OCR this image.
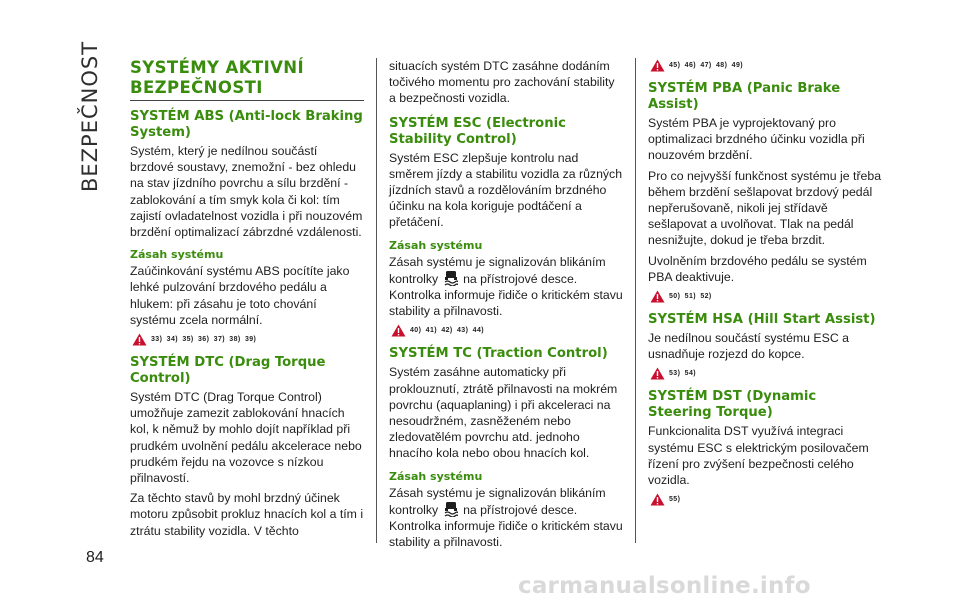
BEZPEČNOST
84
SYSTÉMY AKTIVNÍ BEZPEČNOSTI
SYSTÉM ABS (Anti-lock Braking System)

Systém, který je nedílnou součástí brzdové soustavy, znemožní - bez ohledu na stav jízdního povrchu a sílu brzdění - zablokování a tím smyk kola či kol: tím zajistí ovladatelnost vozidla i při nouzovém brzdění optimalizací zábrzdné vzdálenosti.

Zásah systému

Zaúčinkování systému ABS pocítíte jako lehké pulzování brzdového pedálu a hlukem: při zásahu je toto chování systému zcela normální.

33) 34) 35) 36) 37) 38) 39)
SYSTÉM DTC (Drag Torque Control)

Systém DTC (Drag Torque Control) umožňuje zamezit zablokování hnacích kol, k němuž by mohlo dojít například při prudkém uvolnění pedálu akcelerace nebo prudkém řejdu na vozovce s nízkou přilnavostí.

Za těchto stavů by mohl brzdný účinek motoru způsobit prokluz hnacích kol a tím i ztrátu stability vozidla. V těchto

situacích systém DTC zasáhne dodáním točivého momentu pro zachování stability a bezpečnosti vozidla.

SYSTÉM ESC (Electronic Stability Control)

Systém ESC zlepšuje kontrolu nad směrem jízdy a stabilitu vozidla za různých jízdních stavů a rozdělováním brzdného účinku na kola koriguje podtáčení a přetáčení.

Zásah systému

Zásah systému je signalizován blikáním kontrolky na přístrojové desce. Kontrolka informuje řidiče o kritickém stavu stability a přilnavosti.

40) 41) 42) 43) 44)
SYSTÉM TC (Traction Control)

Systém zasáhne automaticky při proklouznutí, ztrátě přilnavosti na mokrém povrchu (aquaplaning) i při akceleraci na nesoudržném, zasněženém nebo zledovatělém povrchu atd. jednoho hnacího kola nebo obou hnacích kol.

Zásah systému

Zásah systému je signalizován blikáním kontrolky na přístrojové desce. Kontrolka informuje řidiče o kritickém stavu stability a přilnavosti.

45) 46) 47) 48) 49)
SYSTÉM PBA (Panic Brake Assist)

Systém PBA je vyprojektovaný pro optimalizaci brzdného účinku vozidla při nouzovém brzdění.

Pro co nejvyšší funkčnost systému je třeba během brzdění sešlapovat brzdový pedál nepřerušovaně, nikoli jej střídavě sešlapovat a uvolňovat. Tlak na pedál nesnižujte, dokud je třeba brzdit.

Uvolněním brzdového pedálu se systém PBA deaktivuje.

50) 51) 52)
SYSTÉM HSA (Hill Start Assist)

Je nedílnou součástí systému ESC a usnadňuje rozjezd do kopce.

53) 54)
SYSTÉM DST (Dynamic Steering Torque)

Funkcionalita DST využívá integraci systému ESC s elektrickým posilovačem řízení pro zvýšení bezpečnosti celého vozidla.

55)
carmanualsonline.info
